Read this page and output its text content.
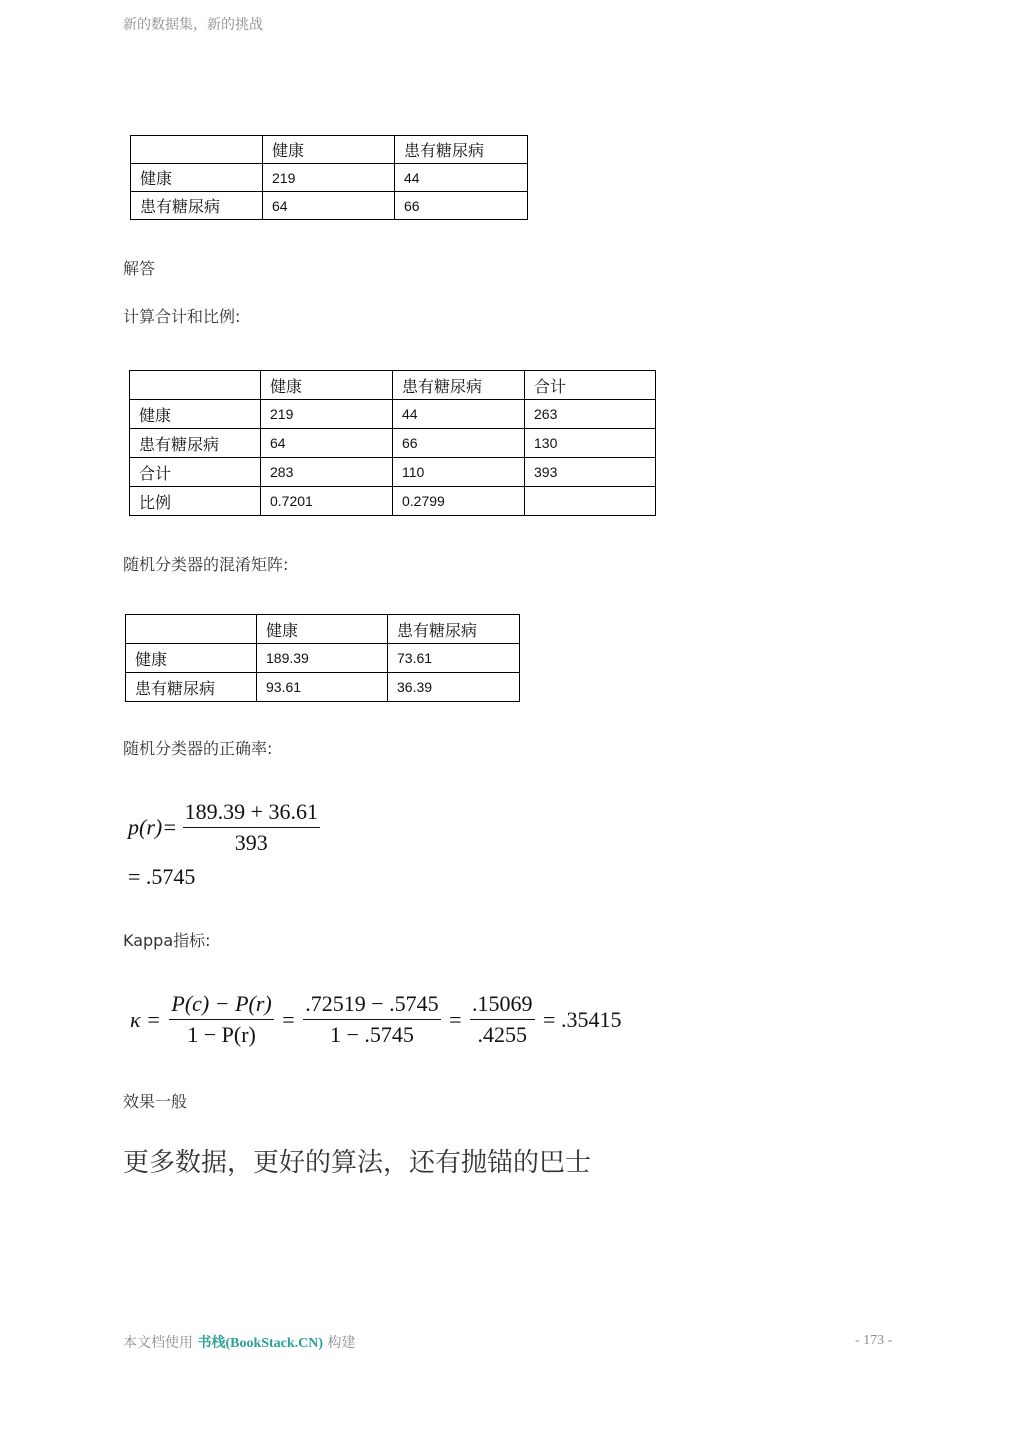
新的数据集，新的挑战
	健康	患有糖尿病
健康	219	44
患有糖尿病	64	66
解答
计算合计和比例:
	健康	患有糖尿病	合计
健康	219	44	263
患有糖尿病	64	66	130
合计	283	110	393
比例	0.7201	0.2799	
随机分类器的混淆矩阵:
	健康	患有糖尿病
健康	189.39	73.61
患有糖尿病	93.61	36.39
随机分类器的正确率:
$p(r)= \frac{189.39 + 36.61}{393}$
= .5745
Kappa指标:
$\kappa = \frac{P(c) - P(r)}{1 - P(r)} = \frac{.72519 - .5745}{1 - .5745} = \frac{.15069}{.4255} = .35415$
效果一般
更多数据，更好的算法，还有抛锚的巴士
本文档使用 书栈(BookStack.CN) 构建	- 173 -
